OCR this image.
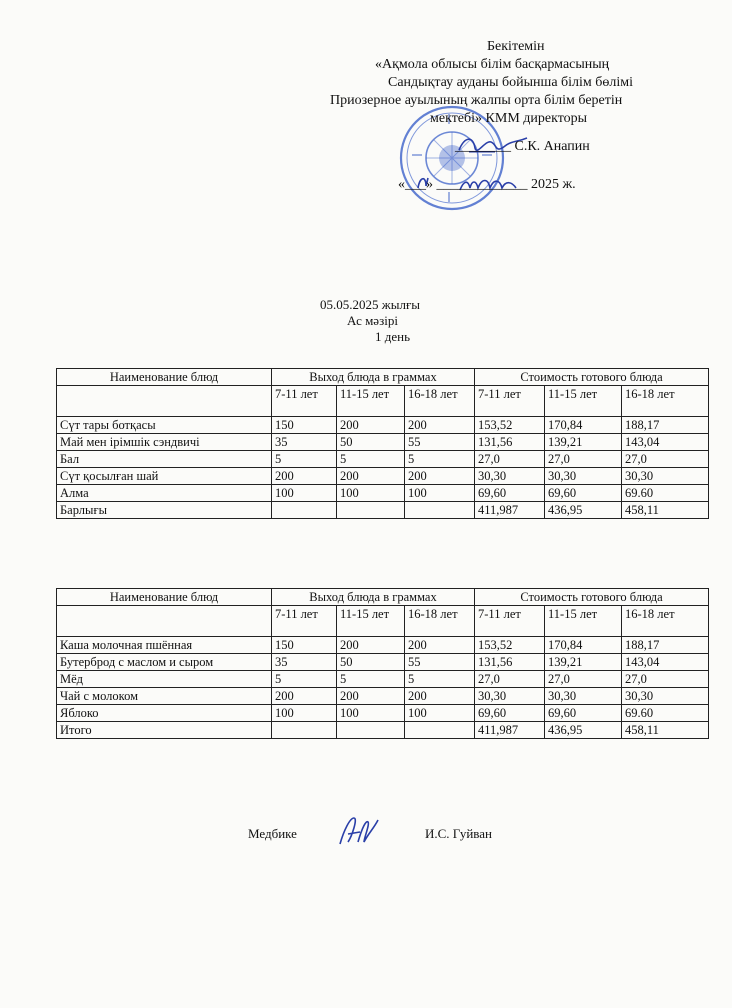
Бекітемін
«Ақмола облысы білім басқармасының
Сандықтау ауданы бойынша білім бөлімі
Приозерное ауылының жалпы орта білім беретін
мектебі» КММ директоры
________ С.К. Анапин
«___» _____________ 2025 ж.
05.05.2025 жылғы
Ас мәзірі
1 день
Наименование блюд	Выход блюда в граммах			Стоимость готового блюда		
	7-11 лет	11-15 лет	16-18 лет	7-11 лет	11-15 лет	16-18 лет
Сүт тары ботқасы	150	200	200	153,52	170,84	188,17
Май мен ірімшік сэндвичі	35	50	55	131,56	139,21	143,04
Бал	5	5	5	27,0	27,0	27,0
Сүт қосылған шай	200	200	200	30,30	30,30	30,30
Алма	100	100	100	69,60	69,60	69.60
Барлығы				411,987	436,95	458,11
Наименование блюд	Выход блюда в граммах			Стоимость готового блюда		
	7-11 лет	11-15 лет	16-18 лет	7-11 лет	11-15 лет	16-18 лет
Каша молочная пшённая	150	200	200	153,52	170,84	188,17
Бутерброд с маслом и сыром	35	50	55	131,56	139,21	143,04
Мёд	5	5	5	27,0	27,0	27,0
Чай с молоком	200	200	200	30,30	30,30	30,30
Яблоко	100	100	100	69,60	69,60	69.60
Итого				411,987	436,95	458,11
Медбике	И.С. Гуйван
